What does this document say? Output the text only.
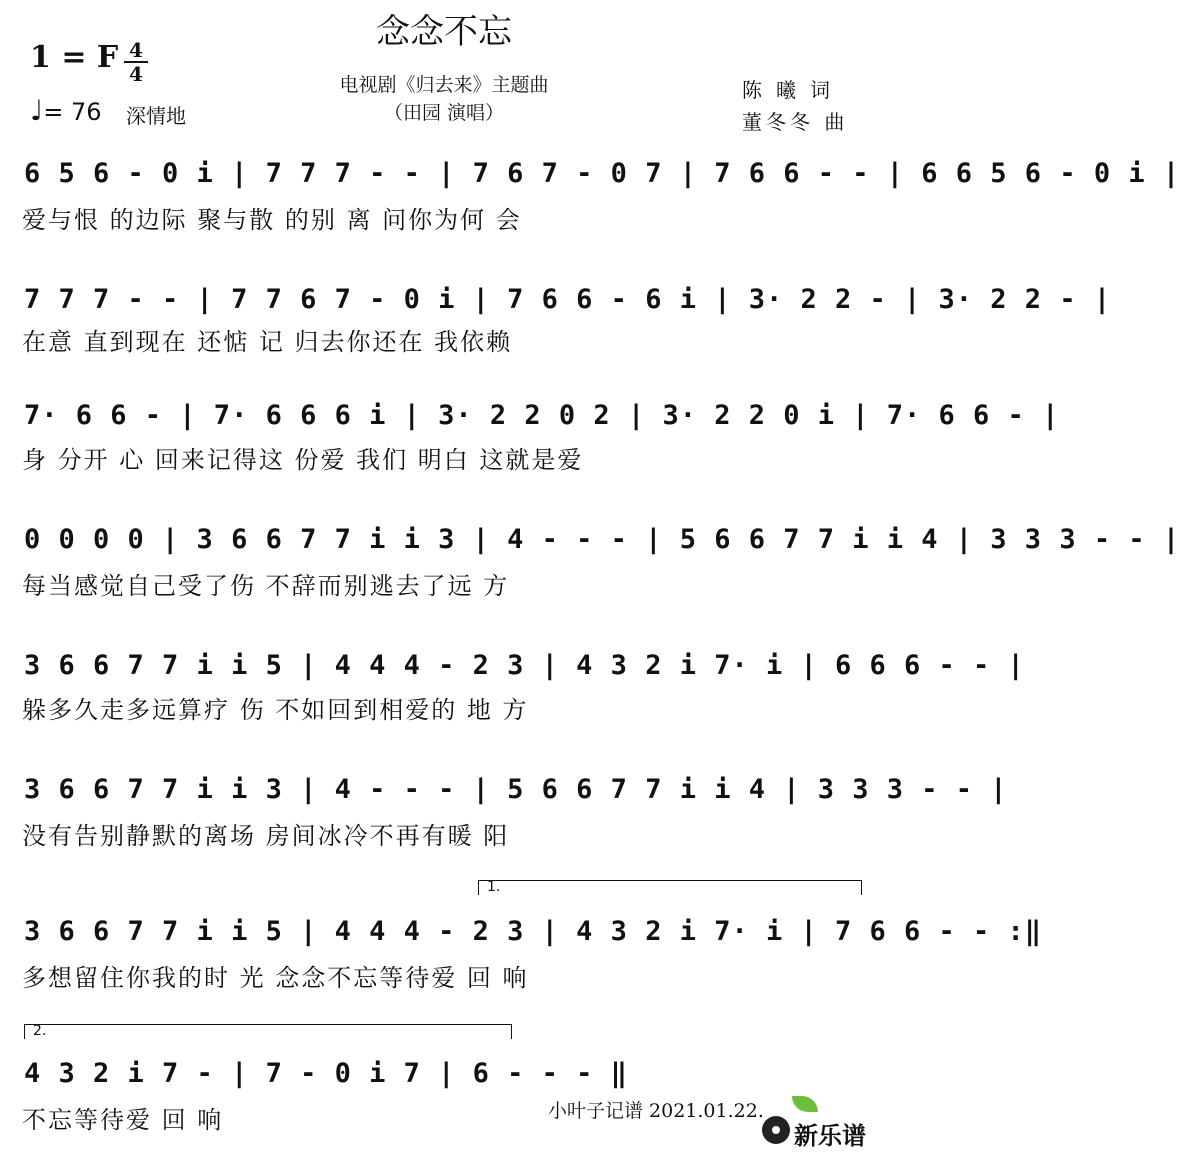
念念不忘
1 = F 4
4
♩= 76 深情地
电视剧《归去来》主题曲
（田园 演唱）
陈曦词
董冬冬 曲
6 5 6 - 0 i | 7 7 7 - - | 7 6 7 - 0 7 | 7 6 6 - - | 6 6 5 6 - 0 i |
爱与恨 的边际 聚与散 的别 离 问你为何 会
7 7 7 - - | 7 7 6 7 - 0 i | 7 6 6 - 6 i | 3· 2 2 - | 3· 2 2 - |
在意 直到现在 还惦 记 归去你还在 我依赖
7· 6 6 - | 7· 6 6 6 i | 3· 2 2 0 2 | 3· 2 2 0 i | 7· 6 6 - |
身 分开 心 回来记得这 份爱 我们 明白 这就是爱
0 0 0 0 | 3 6 6 7 7 i i 3 | 4 - - - | 5 6 6 7 7 i i 4 | 3 3 3 - - |
每当感觉自己受了伤 不辞而别逃去了远 方
3 6 6 7 7 i i 5 | 4 4 4 - 2 3 | 4 3 2 i 7· i | 6 6 6 - - |
躲多久走多远算疗 伤 不如回到相爱的 地 方
3 6 6 7 7 i i 3 | 4 - - - | 5 6 6 7 7 i i 4 | 3 3 3 - - |
没有告别静默的离场 房间冰冷不再有暖 阳
1.
3 6 6 7 7 i i 5 | 4 4 4 - 2 3 | 4 3 2 i 7· i | 7 6 6 - - :‖
多想留住你我的时 光 念念不忘等待爱 回 响
2.
4 3 2 i 7 - | 7 - 0 i 7 | 6 - - - ‖
不忘等待爱 回 响	小叶子记谱 2021.01.22.
新乐谱
